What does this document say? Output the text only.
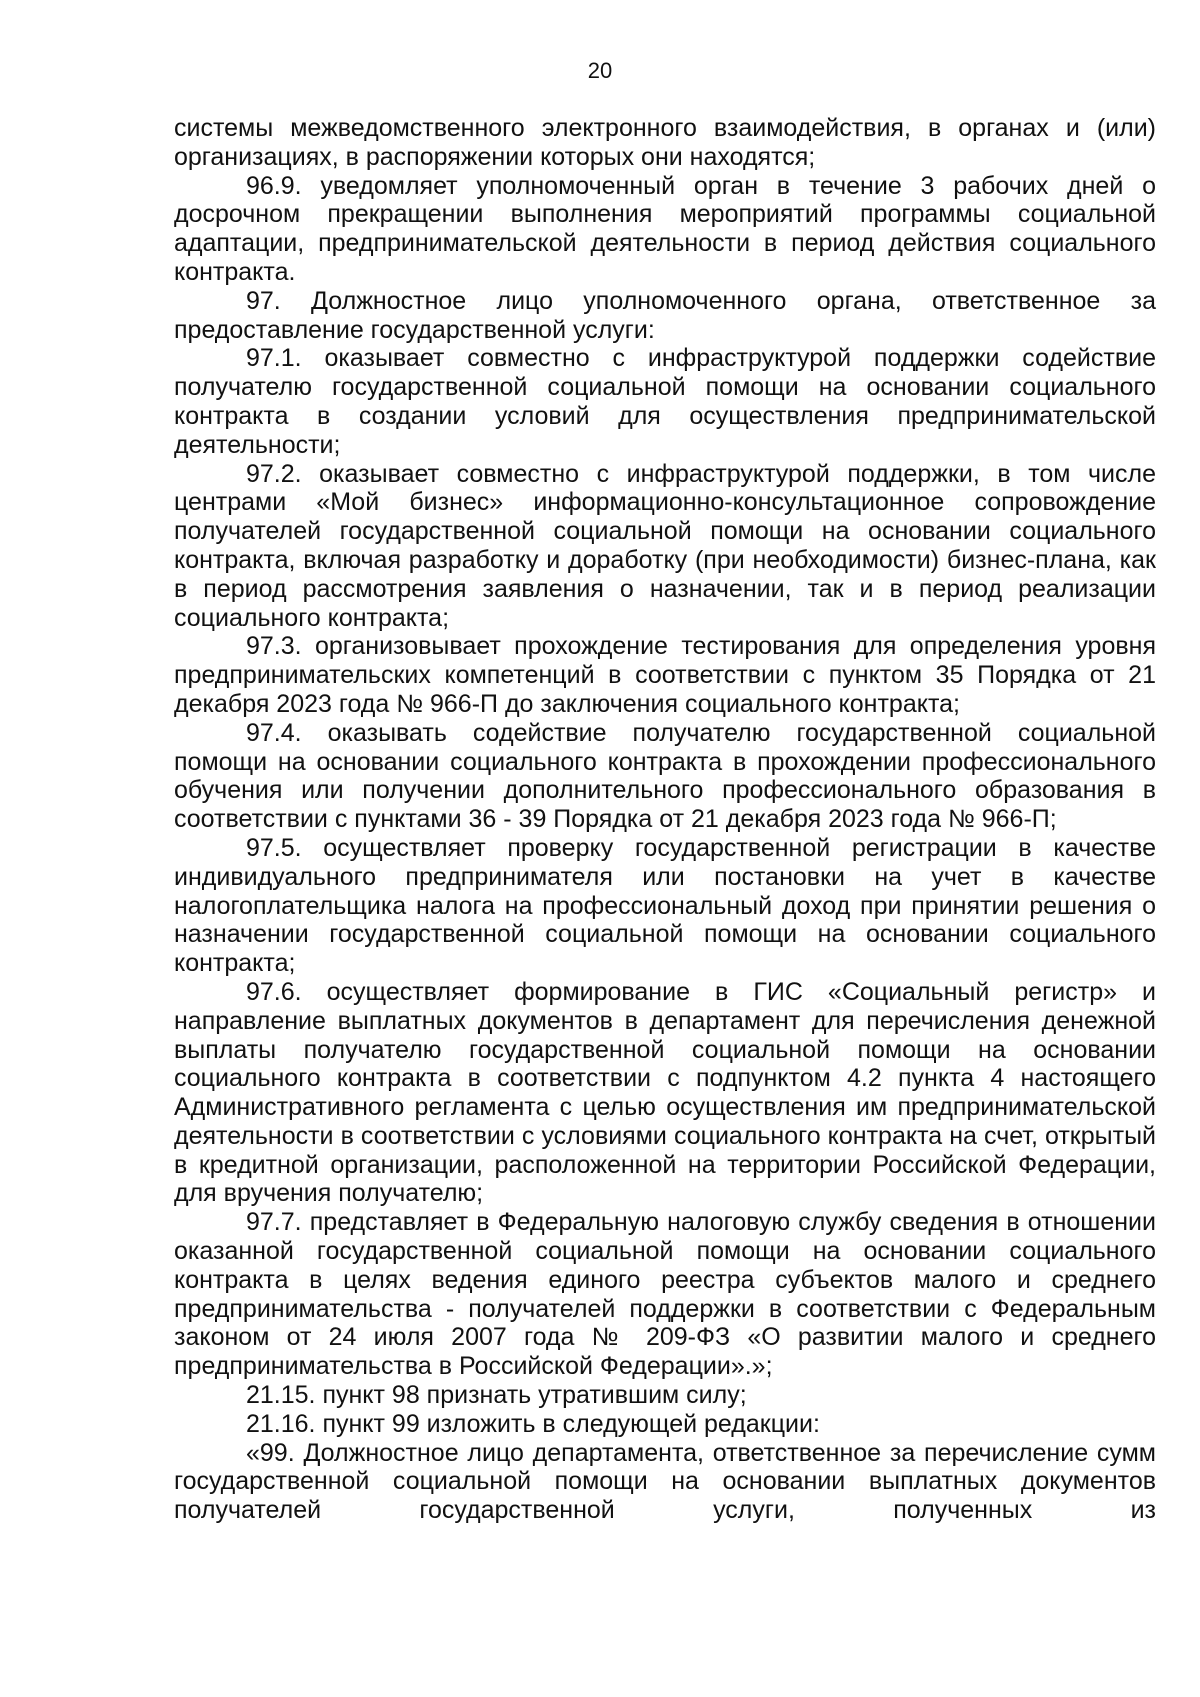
20

системы межведомственного электронного взаимодействия, в органах и (или) организациях, в распоряжении которых они находятся;

96.9. уведомляет уполномоченный орган в течение 3 рабочих дней о досрочном прекращении выполнения мероприятий программы социальной адаптации, предпринимательской деятельности в период действия социального контракта.

97. Должностное лицо уполномоченного органа, ответственное за предоставление государственной услуги:

97.1. оказывает совместно с инфраструктурой поддержки содействие получателю государственной социальной помощи на основании социального контракта в создании условий для осуществления предпринимательской деятельности;

97.2. оказывает совместно с инфраструктурой поддержки, в том числе центрами «Мой бизнес» информационно-консультационное сопровождение получателей государственной социальной помощи на основании социального контракта, включая разработку и доработку (при необходимости) бизнес-плана, как в период рассмотрения заявления о назначении, так и в период реализации социального контракта;

97.3. организовывает прохождение тестирования для определения уровня предпринимательских компетенций в соответствии с пунктом 35 Порядка от 21 декабря 2023 года № 966-П до заключения социального контракта;

97.4. оказывать содействие получателю государственной социальной помощи на основании социального контракта в прохождении профессионального обучения или получении дополнительного профессионального образования в соответствии с пунктами 36 - 39 Порядка от 21 декабря 2023 года № 966-П;

97.5. осуществляет проверку государственной регистрации в качестве индивидуального предпринимателя или постановки на учет в качестве налогоплательщика налога на профессиональный доход при принятии решения о назначении государственной социальной помощи на основании социального контракта;

97.6. осуществляет формирование в ГИС «Социальный регистр» и направление выплатных документов в департамент для перечисления денежной выплаты получателю государственной социальной помощи на основании социального контракта в соответствии с подпунктом 4.2 пункта 4 настоящего Административного регламента с целью осуществления им предпринимательской деятельности в соответствии с условиями социального контракта на счет, открытый в кредитной организации, расположенной на территории Российской Федерации, для вручения получателю;

97.7. представляет в Федеральную налоговую службу сведения в отношении оказанной государственной социальной помощи на основании социального контракта в целях ведения единого реестра субъектов малого и среднего предпринимательства - получателей поддержки в соответствии с Федеральным законом от 24 июля 2007 года № 209-ФЗ «О развитии малого и среднего предпринимательства в Российской Федерации».»;

21.15. пункт 98 признать утратившим силу;

21.16. пункт 99 изложить в следующей редакции:

«99. Должностное лицо департамента, ответственное за перечисление сумм государственной социальной помощи на основании выплатных документов получателей государственной услуги, полученных из
